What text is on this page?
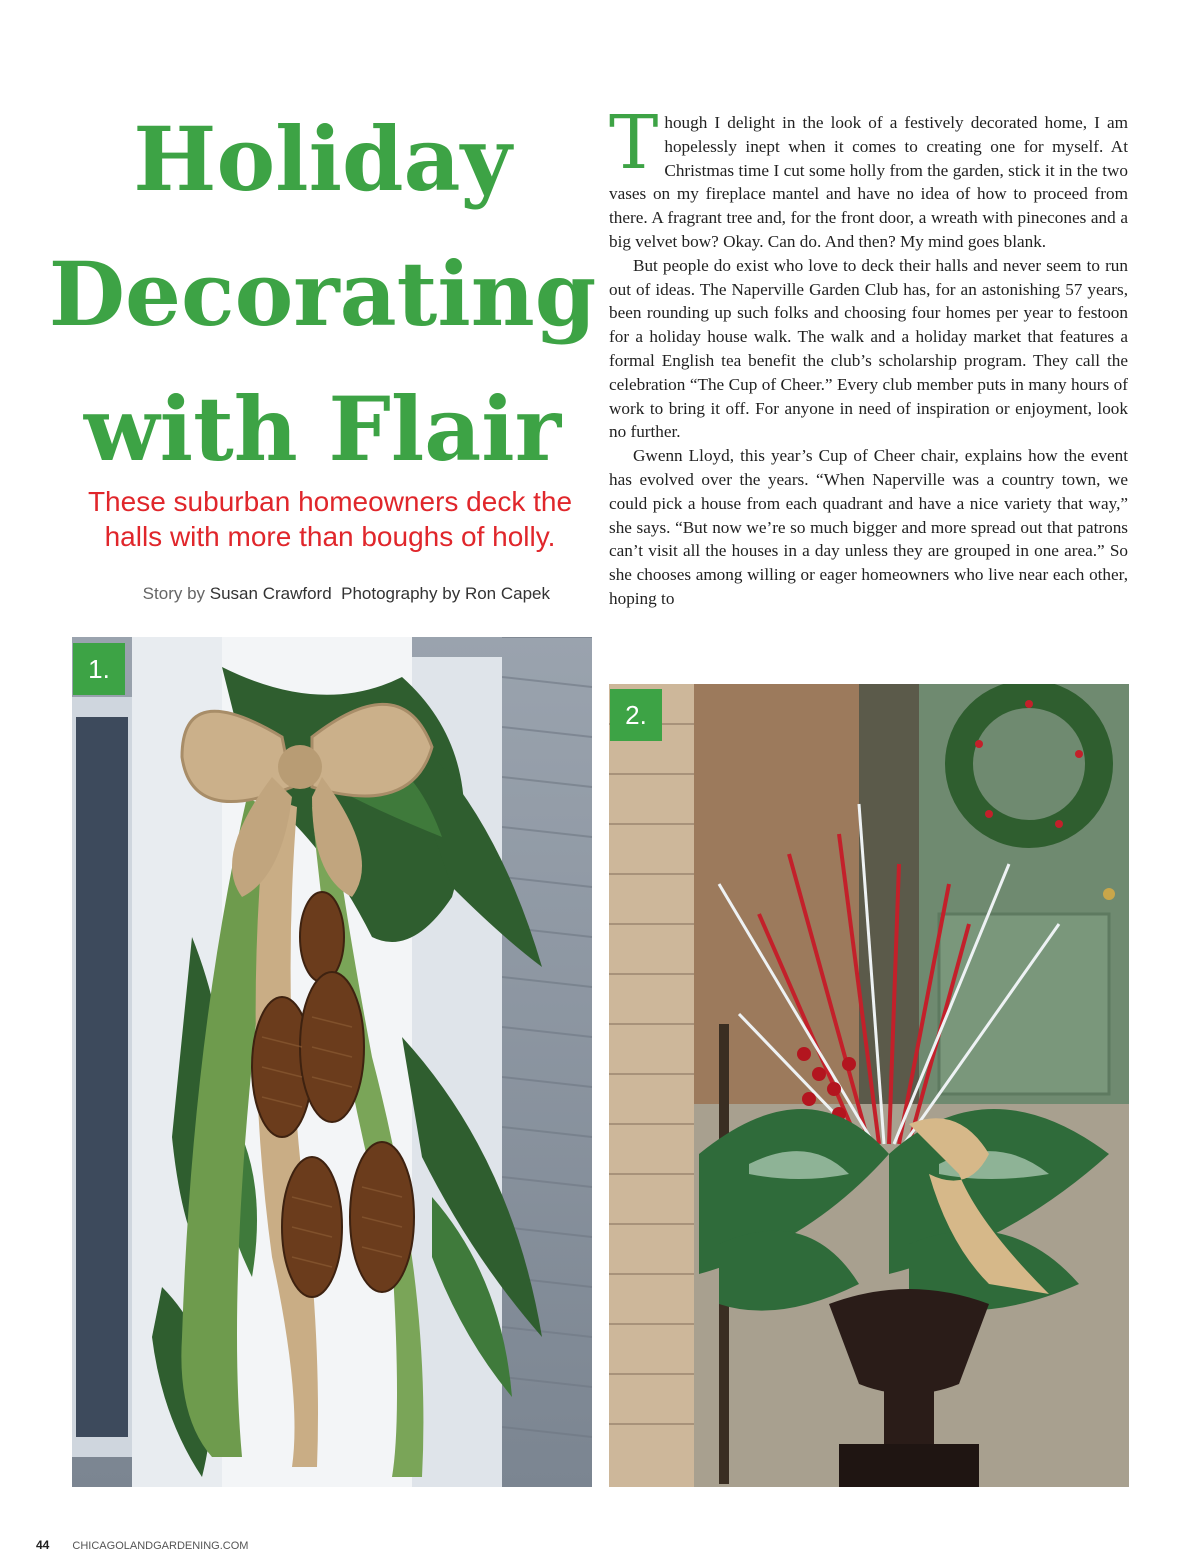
Holiday
Decorating
with Flair

These suburban homeowners deck the halls with more than boughs of holly.

Story by Susan Crawford Photography by Ron Capek

Though I delight in the look of a festively decorated home, I am hopelessly inept when it comes to creating one for myself. At Christmas time I cut some holly from the garden, stick it in the two vases on my fireplace mantel and have no idea of how to proceed from there. A fragrant tree and, for the front door, a wreath with pinecones and a big velvet bow? Okay. Can do. And then? My mind goes blank.

But people do exist who love to deck their halls and never seem to run out of ideas. The Naperville Garden Club has, for an astonishing 57 years, been rounding up such folks and choosing four homes per year to festoon for a holiday house walk. The walk and a holiday market that features a formal English tea benefit the club’s scholarship program. They call the celebration “The Cup of Cheer.” Every club member puts in many hours of work to bring it off. For anyone in need of inspiration or enjoyment, look no further.

Gwenn Lloyd, this year’s Cup of Cheer chair, explains how the event has evolved over the years. “When Naperville was a country town, we could pick a house from each quadrant and have a nice variety that way,” she says. “But now we’re so much bigger and more spread out that patrons can’t visit all the houses in a day unless they are grouped in one area.” So she chooses among willing or eager homeowners who live near each other, hoping to

1.
2.
44 CHICAGOLANDGARDENING.COM
